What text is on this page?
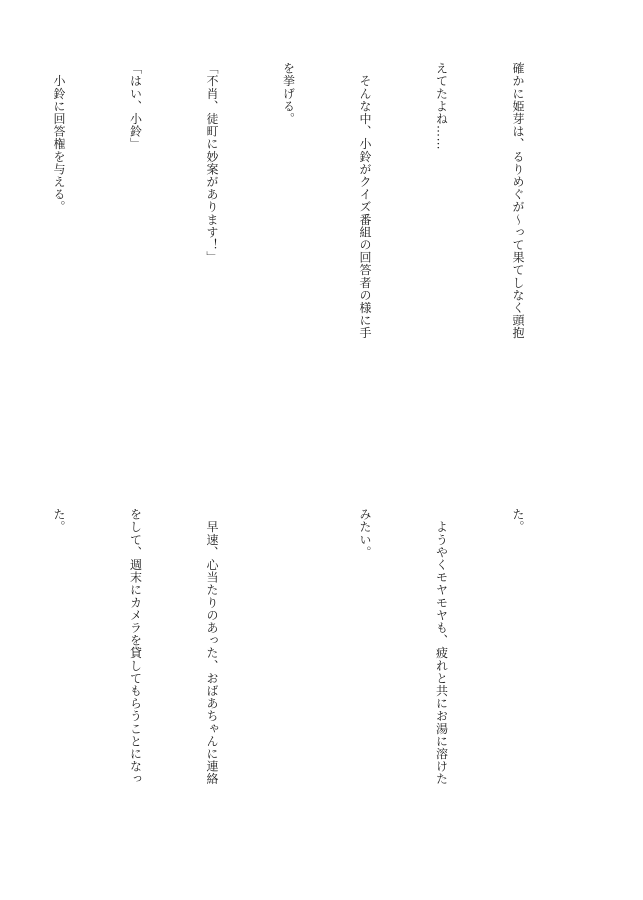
確かに姫芽は、るりめぐが～って果てしなく頭抱

えてたよね……

　そんな中、小鈴がクイズ番組の回答者の様に手

を挙げる。

「不肖、徒町に妙案があります！」

「はい、小鈴」

　小鈴に回答権を与える。

た。

　ようやくモヤモヤも、疲れと共にお湯に溶けた

みたい。

　早速、心当たりのあった、おばあちゃんに連絡

をして、週末にカメラを貸してもらうことになっ

た。
